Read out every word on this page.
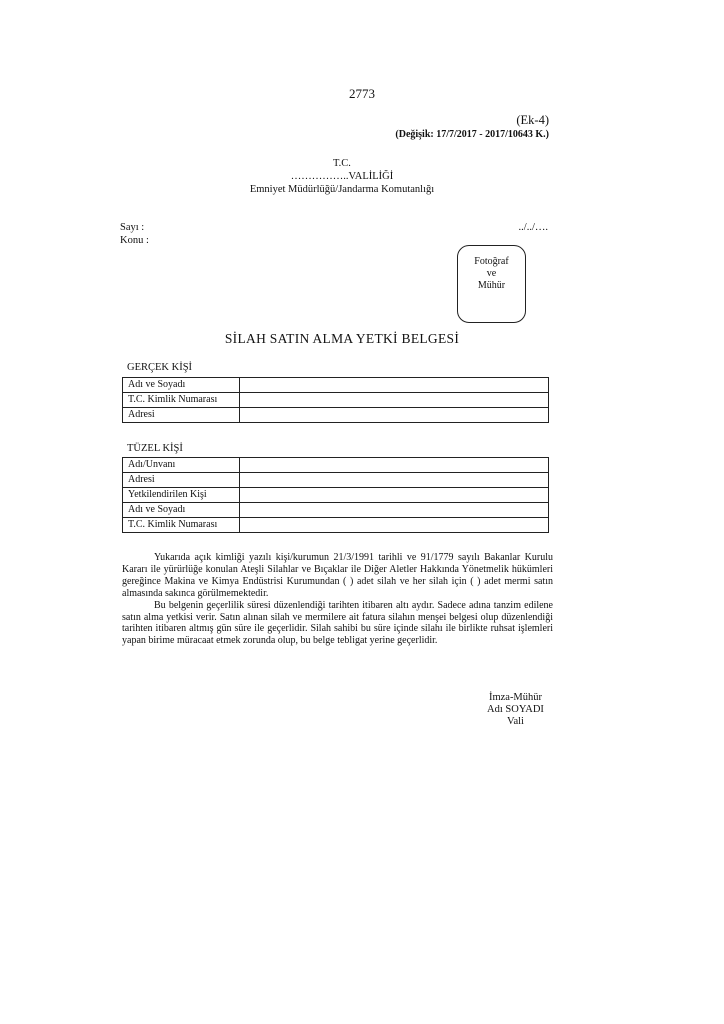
2773
(Ek-4)
(Değişik: 17/7/2017 - 2017/10643 K.)
T.C.
……………..VALİLİĞİ
Emniyet Müdürlüğü/Jandarma Komutanlığı
Sayı :
Konu :
../../….
Fotoğraf
ve
Mühür
SİLAH SATIN ALMA YETKİ BELGESİ
GERÇEK KİŞİ
Adı ve Soyadı	
T.C. Kimlik Numarası	
Adresi	
TÜZEL KİŞİ
Adı/Unvanı	
Adresi	
Yetkilendirilen Kişi	
Adı ve Soyadı	
T.C. Kimlik Numarası	

Yukarıda açık kimliği yazılı kişi/kurumun 21/3/1991 tarihli ve 91/1779 sayılı Bakanlar Kurulu Kararı ile yürürlüğe konulan Ateşli Silahlar ve Bıçaklar ile Diğer Aletler Hakkında Yönetmelik hükümleri gereğince Makina ve Kimya Endüstrisi Kurumundan ( ) adet silah ve her silah için ( ) adet mermi satın almasında sakınca görülmemektedir.

Bu belgenin geçerlilik süresi düzenlendiği tarihten itibaren altı aydır. Sadece adına tanzim edilene satın alma yetkisi verir. Satın alınan silah ve mermilere ait fatura silahın menşei belgesi olup düzenlendiği tarihten itibaren altmış gün süre ile geçerlidir. Silah sahibi bu süre içinde silahı ile birlikte ruhsat işlemleri yapan birime müracaat etmek zorunda olup, bu belge tebligat yerine geçerlidir.

İmza-Mühür
Adı SOYADI
Vali
